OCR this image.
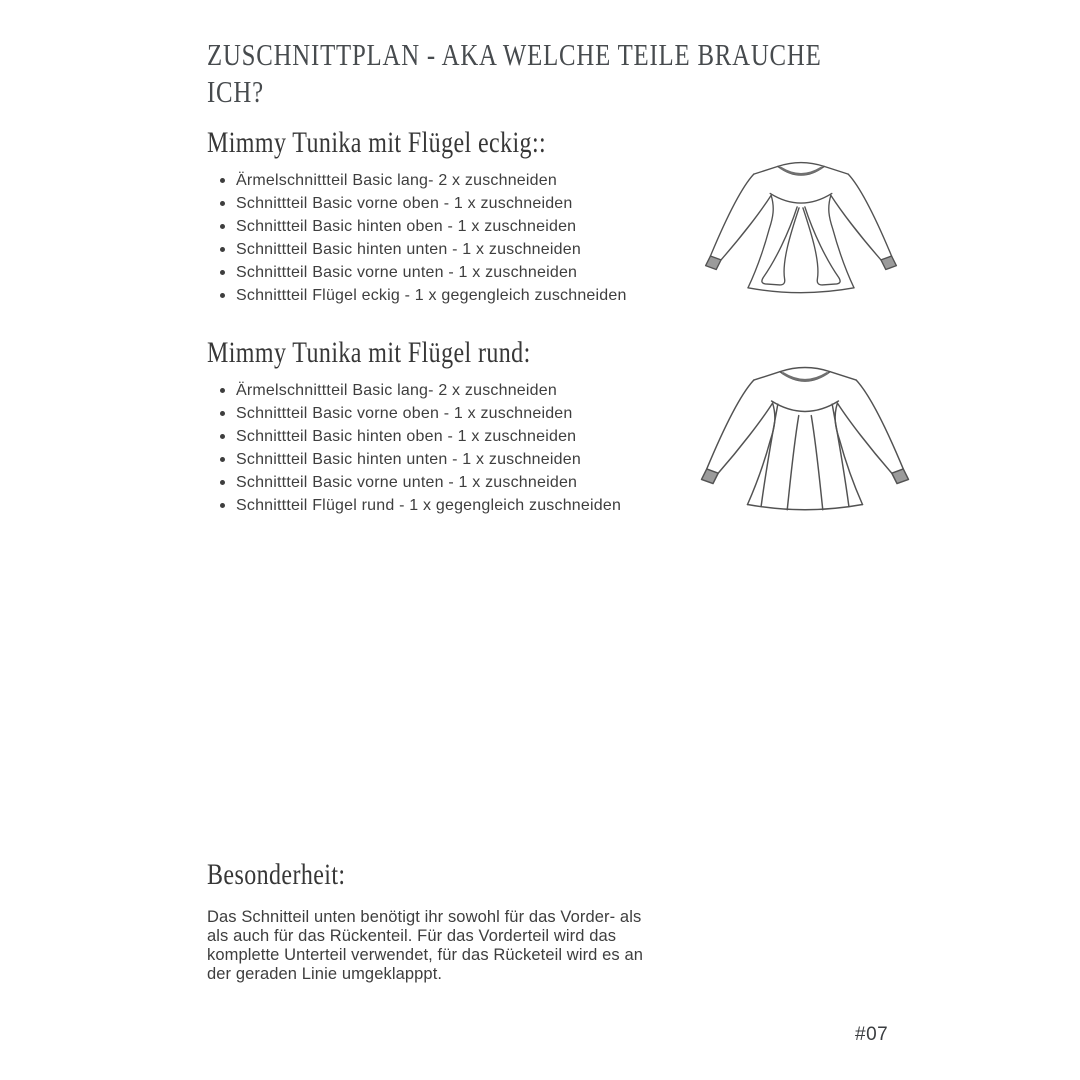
ZUSCHNITTPLAN - AKA WELCHE TEILE BRAUCHE
ICH?
Mimmy Tunika mit Flügel eckig::
Ärmelschnittteil Basic lang- 2 x zuschneiden
Schnittteil Basic vorne oben - 1 x zuschneiden
Schnittteil Basic hinten oben - 1 x zuschneiden
Schnittteil Basic hinten unten - 1 x zuschneiden
Schnittteil Basic vorne unten - 1 x zuschneiden
Schnittteil Flügel eckig - 1 x gegengleich zuschneiden
Mimmy Tunika mit Flügel rund:
Ärmelschnittteil Basic lang- 2 x zuschneiden
Schnittteil Basic vorne oben - 1 x zuschneiden
Schnittteil Basic hinten oben - 1 x zuschneiden
Schnittteil Basic hinten unten - 1 x zuschneiden
Schnittteil Basic vorne unten - 1 x zuschneiden
Schnittteil Flügel rund - 1 x gegengleich zuschneiden
Besonderheit:
Das Schnitteil unten benötigt ihr sowohl für das Vorder- als
als auch für das Rückenteil. Für das Vorderteil wird das
komplette Unterteil verwendet, für das Rücketeil wird es an
der geraden Linie umgeklapppt.
#07
